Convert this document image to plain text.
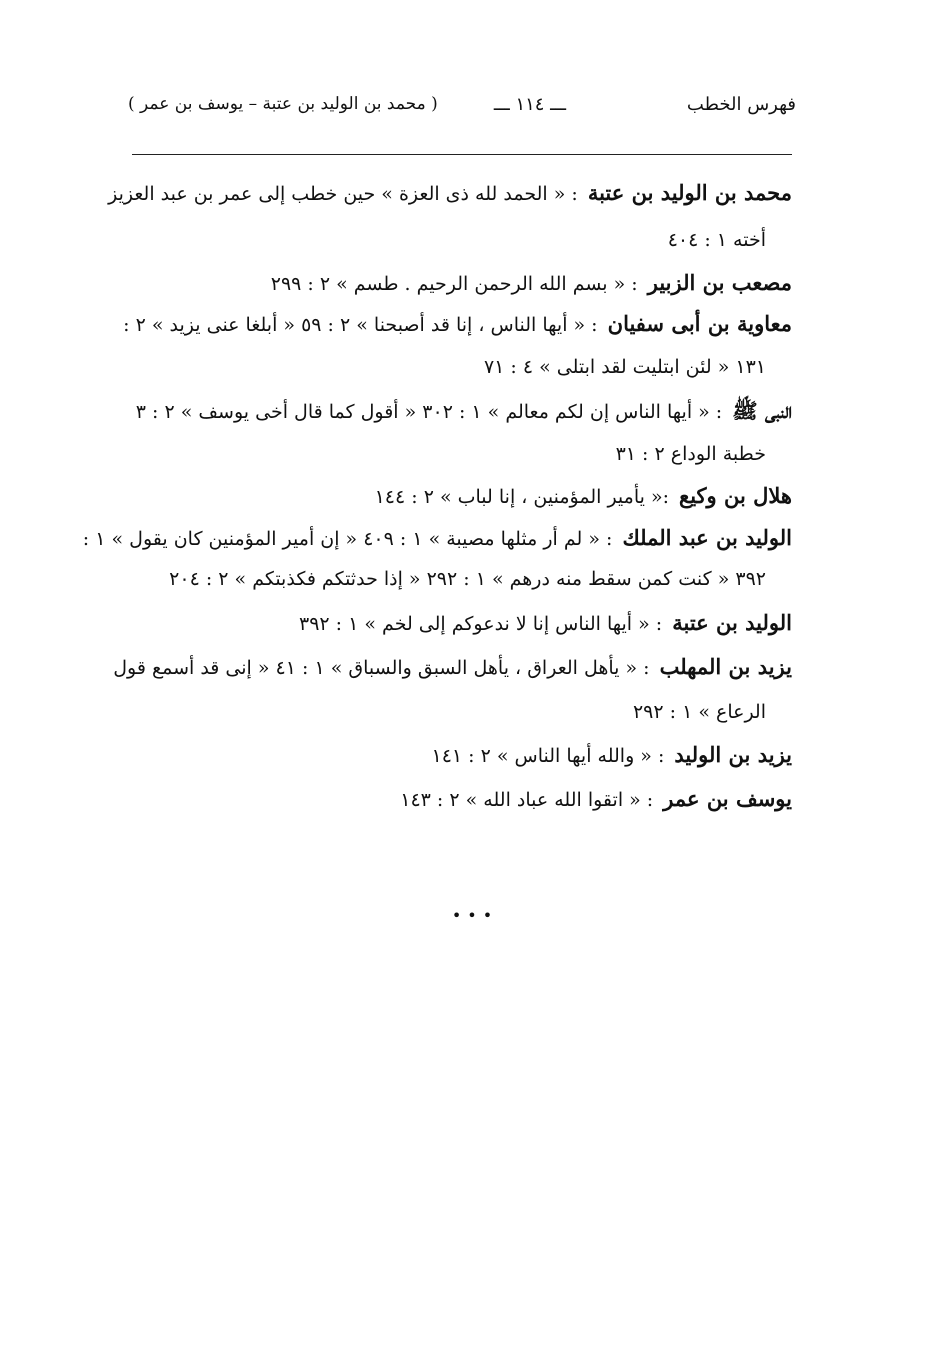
فهرس الخطب
ـــ ١١٤ ـــ
( محمد بن الوليد بن عتبة – يوسف بن عمر )
محمد بن الوليد بن عتبة : « الحمد لله ذى العزة » حين خطب إلى عمر بن عبد العزيز
أخته ١ : ٤٠٤
مصعب بن الزبير : « بسم الله الرحمن الرحيم . طسم » ٢ : ٢٩٩
معاوية بن أبى سفيان : « أيها الناس ، إنا قد أصبحنا » ٢ : ٥٩ « أبلغا عنى يزيد » ٢ :
١٣١ « لئن ابتليت لقد ابتلى » ٤ : ٧١
النبى ﷺ : « أيها الناس إن لكم معالم » ١ : ٣٠٢ « أقول كما قال أخى يوسف » ٢ : ٣
خطبة الوداع ٢ : ٣١
هلال بن وكيع :« يأمير المؤمنين ، إنا لباب » ٢ : ١٤٤
الوليد بن عبد الملك : « لم أر مثلها مصيبة » ١ : ٤٠٩ « إن أمير المؤمنين كان يقول » ١ :
٣٩٢ « كنت كمن سقط منه درهم » ١ : ٢٩٢ « إذا حدثتكم فكذبتكم » ٢ : ٢٠٤
الوليد بن عتبة : « أيها الناس إنا لا ندعوكم إلى لخم » ١ : ٣٩٢
يزيد بن المهلب : « يأهل العراق ، يأهل السبق والسباق » ١ : ٤١ « إنى قد أسمع قول
الرعاع » ١ : ٢٩٢
يزيد بن الوليد : « والله أيها الناس » ٢ : ١٤١
يوسف بن عمر : « اتقوا الله عباد الله » ٢ : ١٤٣
•••
